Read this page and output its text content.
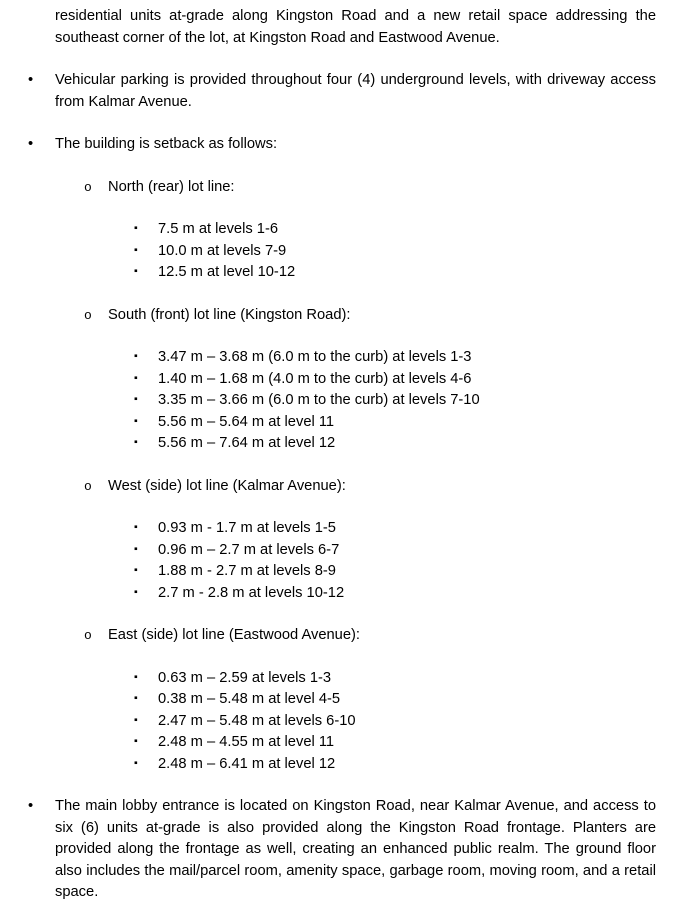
residential units at-grade along Kingston Road and a new retail space addressing the southeast corner of the lot, at Kingston Road and Eastwood Avenue.

• Vehicular parking is provided throughout four (4) underground levels, with driveway access from Kalmar Avenue.

• The building is setback as follows:

o North (rear) lot line:

▪ 7.5 m at levels 1-6

▪ 10.0 m at levels 7-9

▪ 12.5 m at level 10-12

o South (front) lot line (Kingston Road):

▪ 3.47 m – 3.68 m (6.0 m to the curb) at levels 1-3

▪ 1.40 m – 1.68 m (4.0 m to the curb) at levels 4-6

▪ 3.35 m – 3.66 m (6.0 m to the curb) at levels 7-10

▪ 5.56 m – 5.64 m at level 11

▪ 5.56 m – 7.64 m at level 12

o West (side) lot line (Kalmar Avenue):

▪ 0.93 m - 1.7 m at levels 1-5

▪ 0.96 m – 2.7 m at levels 6-7

▪ 1.88 m - 2.7 m at levels 8-9

▪ 2.7 m - 2.8 m at levels 10-12

o East (side) lot line (Eastwood Avenue):

▪ 0.63 m – 2.59 at levels 1-3

▪ 0.38 m – 5.48 m at level 4-5

▪ 2.47 m – 5.48 m at levels 6-10

▪ 2.48 m – 4.55 m at level 11

▪ 2.48 m – 6.41 m at level 12

• The main lobby entrance is located on Kingston Road, near Kalmar Avenue, and access to six (6) units at-grade is also provided along the Kingston Road frontage. Planters are provided along the frontage as well, creating an enhanced public realm. The ground floor also includes the mail/parcel room, amenity space, garbage room, moving room, and a retail space.
